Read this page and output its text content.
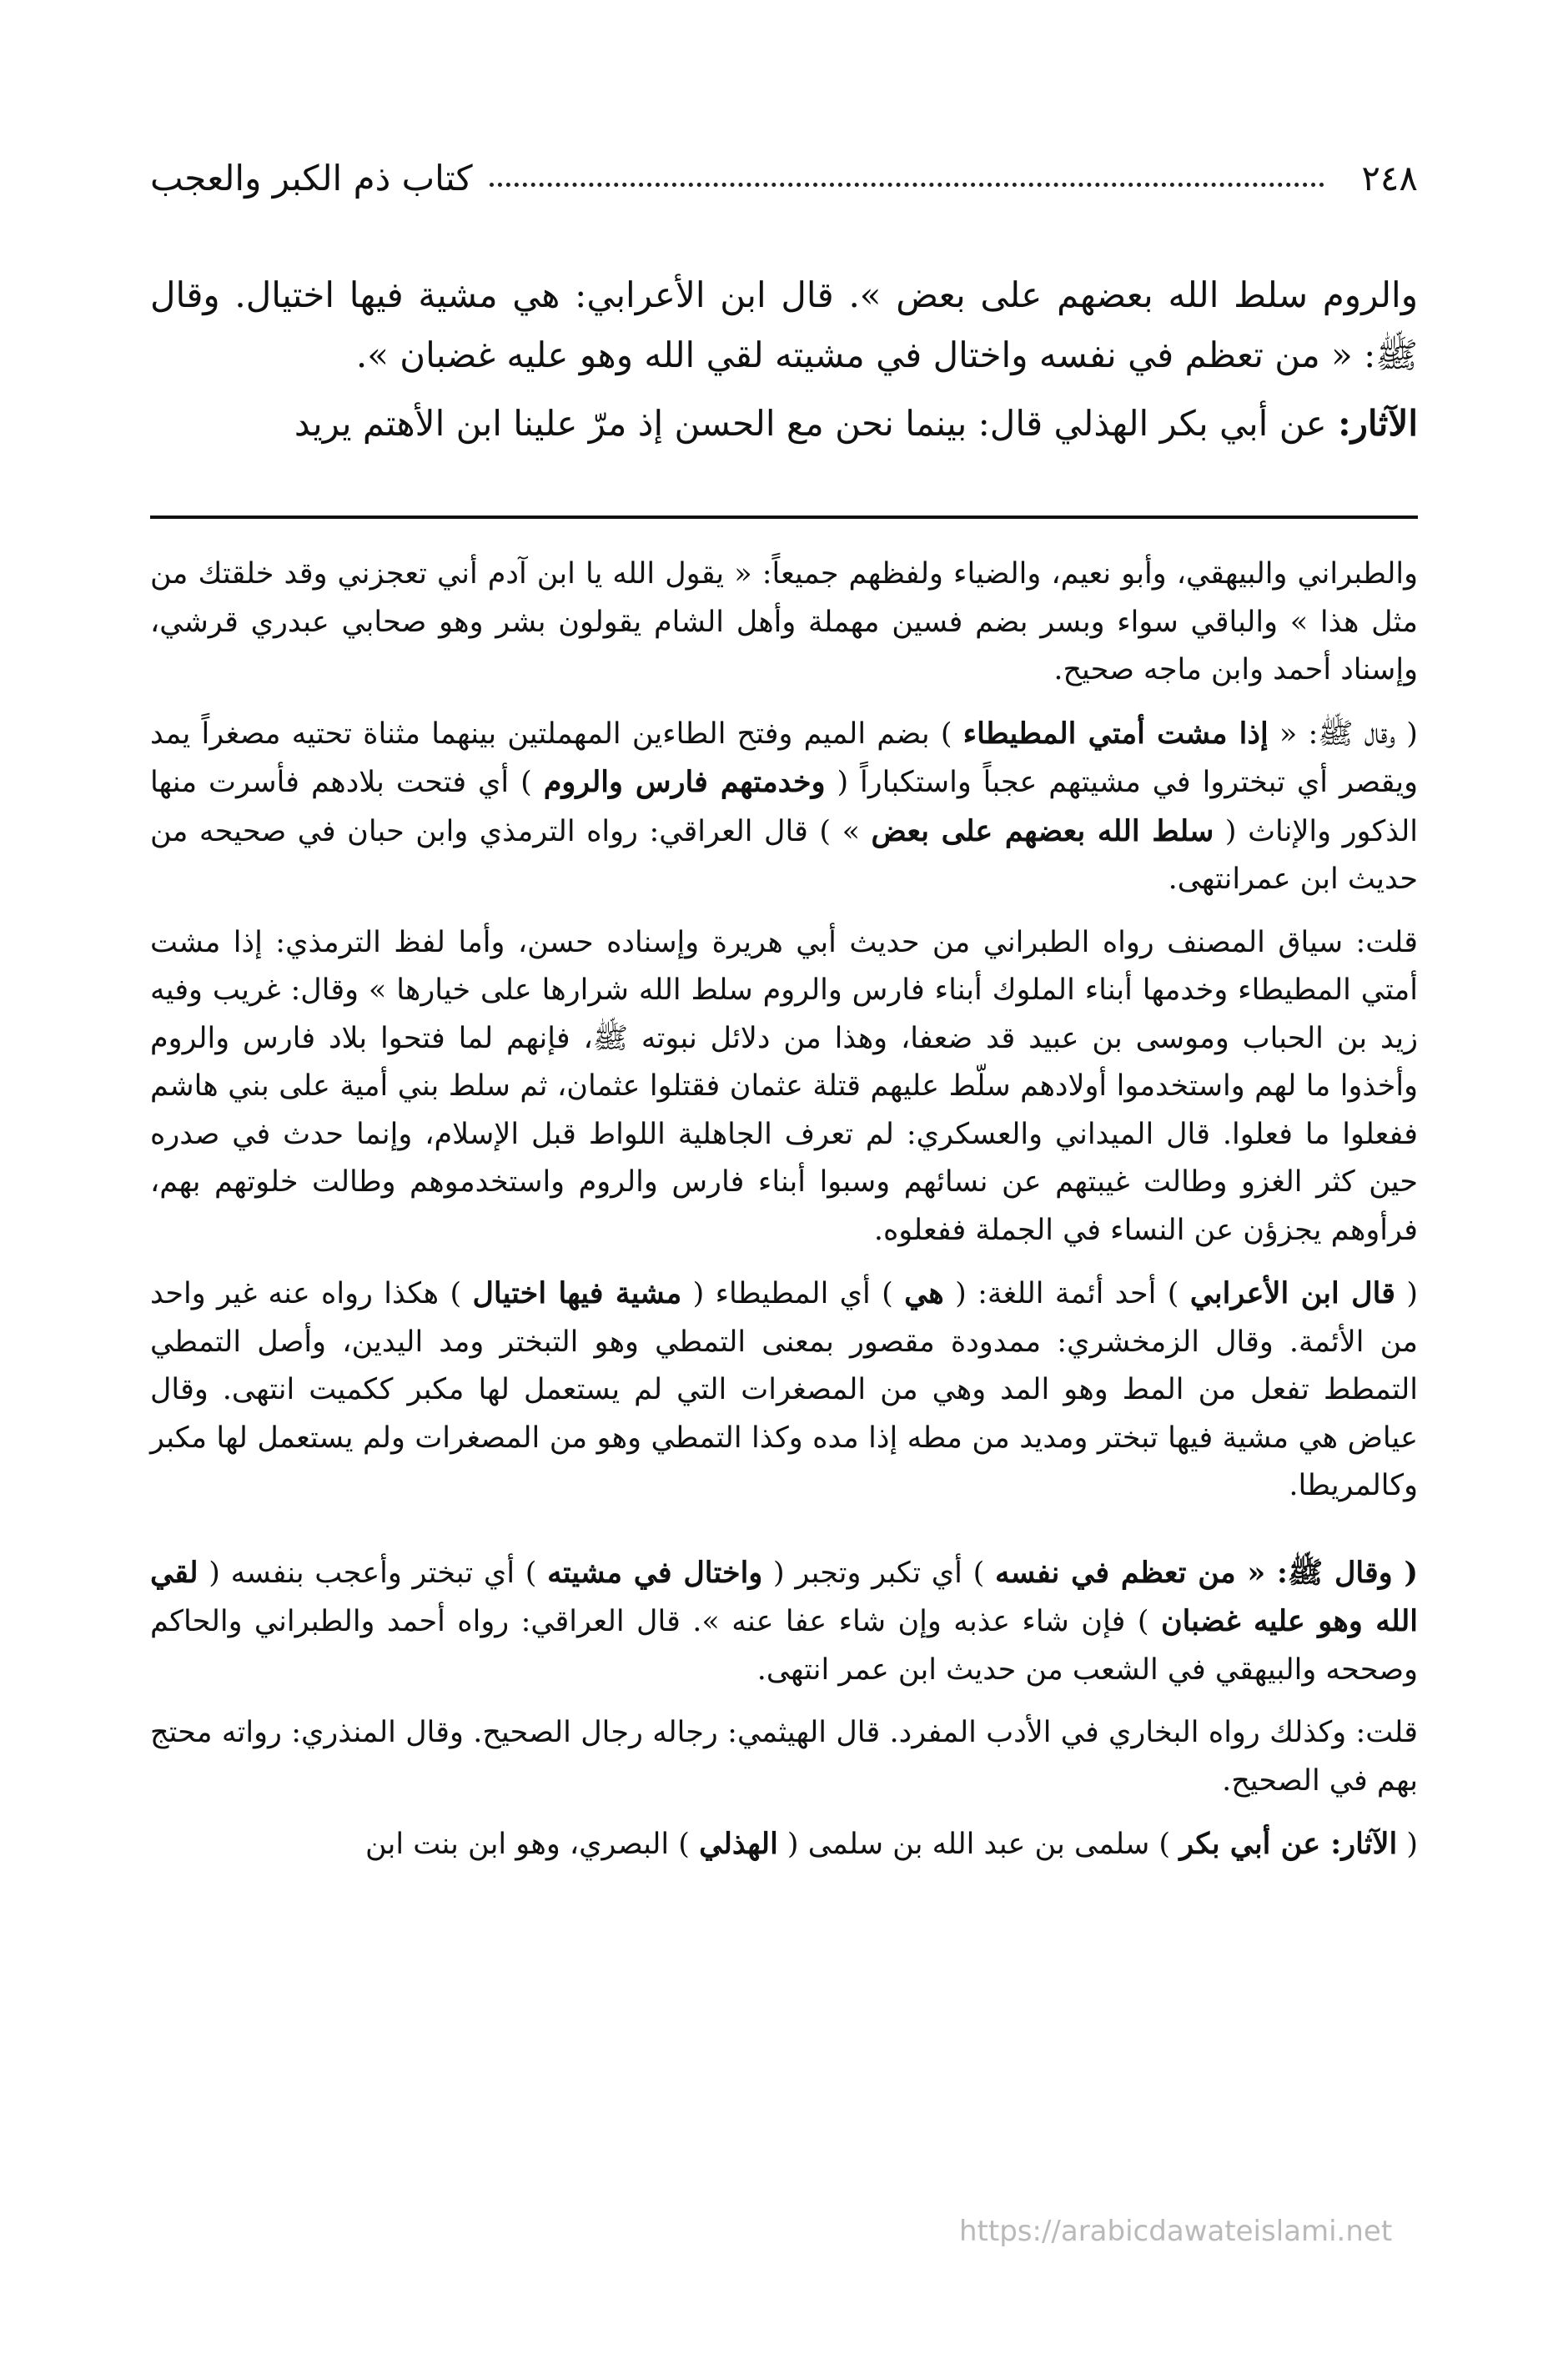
٢٤٨
كتاب ذم الكبر والعجب

والروم سلط الله بعضهم على بعض ». قال ابن الأعرابي: هي مشية فيها اختيال. وقال ﷺ: « من تعظم في نفسه واختال في مشيته لقي الله وهو عليه غضبان ».

الآثار: عن أبي بكر الهذلي قال: بينما نحن مع الحسن إذ مرّ علينا ابن الأهتم يريد

والطبراني والبيهقي، وأبو نعيم، والضياء ولفظهم جميعاً: « يقول الله يا ابن آدم أني تعجزني وقد خلقتك من مثل هذا » والباقي سواء وبسر بضم فسين مهملة وأهل الشام يقولون بشر وهو صحابي عبدري قرشي، وإسناد أحمد وابن ماجه صحيح.

( وقال ﷺ: « إذا مشت أمتي المطيطاء ) بضم الميم وفتح الطاءين المهملتين بينهما مثناة تحتيه مصغراً يمد ويقصر أي تبختروا في مشيتهم عجباً واستكباراً ( وخدمتهم فارس والروم ) أي فتحت بلادهم فأسرت منها الذكور والإناث ( سلط الله بعضهم على بعض » ) قال العراقي: رواه الترمذي وابن حبان في صحيحه من حديث ابن عمرانتهى.

قلت: سياق المصنف رواه الطبراني من حديث أبي هريرة وإسناده حسن، وأما لفظ الترمذي: إذا مشت أمتي المطيطاء وخدمها أبناء الملوك أبناء فارس والروم سلط الله شرارها على خيارها » وقال: غريب وفيه زيد بن الحباب وموسى بن عبيد قد ضعفا، وهذا من دلائل نبوته ﷺ، فإنهم لما فتحوا بلاد فارس والروم وأخذوا ما لهم واستخدموا أولادهم سلّط عليهم قتلة عثمان فقتلوا عثمان، ثم سلط بني أمية على بني هاشم ففعلوا ما فعلوا. قال الميداني والعسكري: لم تعرف الجاهلية اللواط قبل الإسلام، وإنما حدث في صدره حين كثر الغزو وطالت غيبتهم عن نسائهم وسبوا أبناء فارس والروم واستخدموهم وطالت خلوتهم بهم، فرأوهم يجزؤن عن النساء في الجملة ففعلوه.

( قال ابن الأعرابي ) أحد أئمة اللغة: ( هي ) أي المطيطاء ( مشية فيها اختيال ) هكذا رواه عنه غير واحد من الأئمة. وقال الزمخشري: ممدودة مقصور بمعنى التمطي وهو التبختر ومد اليدين، وأصل التمطي التمطط تفعل من المط وهو المد وهي من المصغرات التي لم يستعمل لها مكبر ككميت انتهى. وقال عياض هي مشية فيها تبختر ومديد من مطه إذا مده وكذا التمطي وهو من المصغرات ولم يستعمل لها مكبر وكالمريطا.

( وقال ﷺ: « من تعظم في نفسه ) أي تكبر وتجبر ( واختال في مشيته ) أي تبختر وأعجب بنفسه ( لقي الله وهو عليه غضبان ) فإن شاء عذبه وإن شاء عفا عنه ». قال العراقي: رواه أحمد والطبراني والحاكم وصححه والبيهقي في الشعب من حديث ابن عمر انتهى.

قلت: وكذلك رواه البخاري في الأدب المفرد. قال الهيثمي: رجاله رجال الصحيح. وقال المنذري: رواته محتج بهم في الصحيح.

( الآثار: عن أبي بكر ) سلمى بن عبد الله بن سلمى ( الهذلي ) البصري، وهو ابن بنت ابن

https://arabicdawateislami.net
